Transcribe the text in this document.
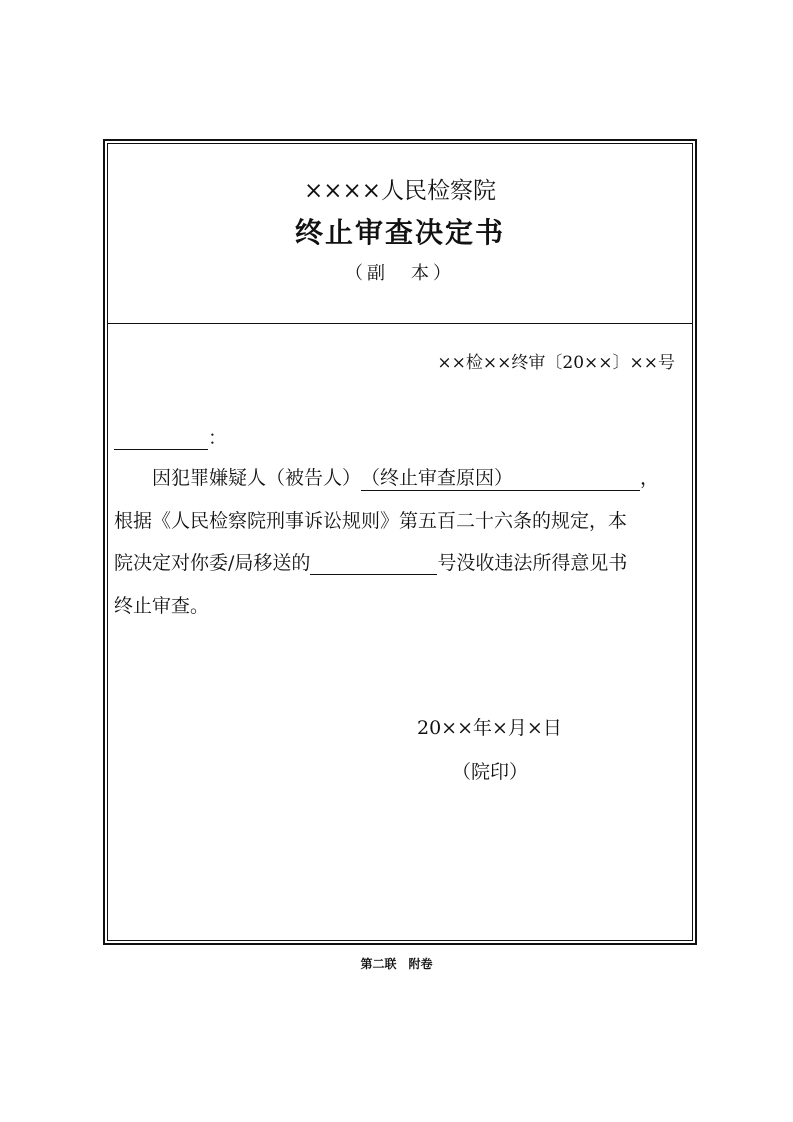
××××人民检察院
终止审查决定书
（副　本）
××检××终审〔20××〕××号
：
因犯罪嫌疑人（被告人）（终止审查原因）	，
根据《人民检察院刑事诉讼规则》第五百二十六条的规定，本
院决定对你委/局移送的	号没收违法所得意见书
终止审查。
20××年×月×日
（院印）
第二联　附卷
